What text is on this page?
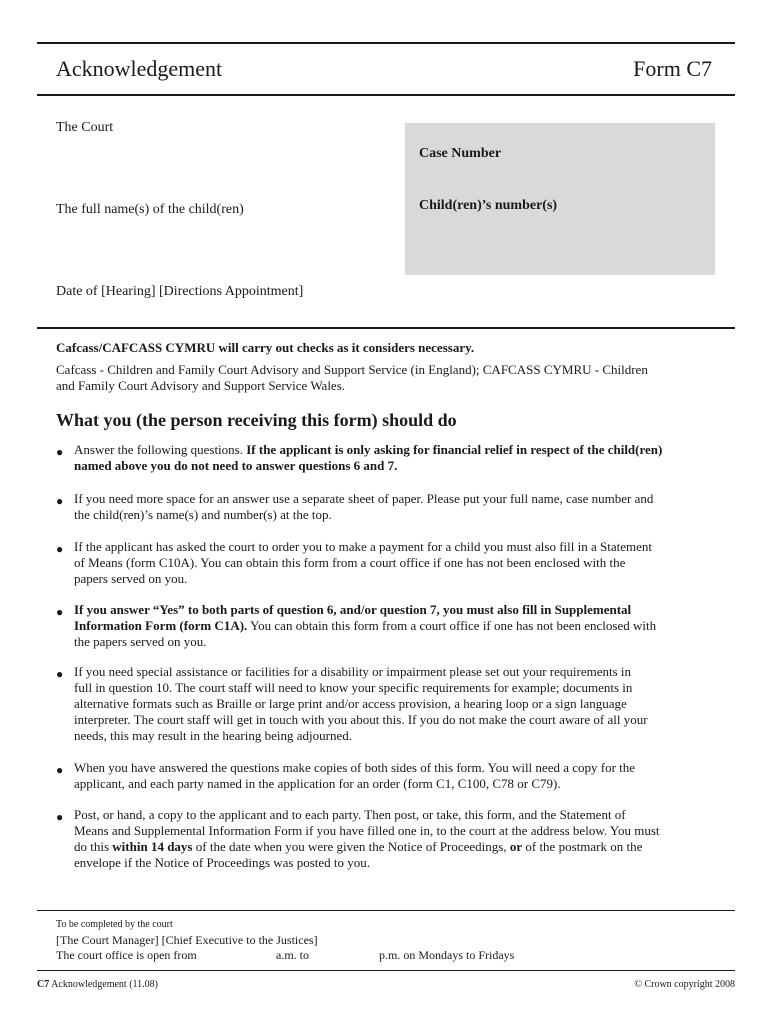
Acknowledgement	Form C7
The Court
Case Number
The full name(s) of the child(ren)	Child(ren)’s number(s)
Date of [Hearing] [Directions Appointment]
Cafcass/CAFCASS CYMRU will carry out checks as it considers necessary.
Cafcass - Children and Family Court Advisory and Support Service (in England); CAFCASS CYMRU - Children
and Family Court Advisory and Support Service Wales.
What you (the person receiving this form) should do
● Answer the following questions. If the applicant is only asking for financial relief in respect of the child(ren)
named above you do not need to answer questions 6 and 7.
● If you need more space for an answer use a separate sheet of paper. Please put your full name, case number and
the child(ren)’s name(s) and number(s) at the top.
● If the applicant has asked the court to order you to make a payment for a child you must also fill in a Statement
of Means (form C10A). You can obtain this form from a court office if one has not been enclosed with the
papers served on you.
● If you answer “Yes” to both parts of question 6, and/or question 7, you must also fill in Supplemental
Information Form (form C1A). You can obtain this form from a court office if one has not been enclosed with
the papers served on you.
● If you need special assistance or facilities for a disability or impairment please set out your requirements in
full in question 10. The court staff will need to know your specific requirements for example; documents in
alternative formats such as Braille or large print and/or access provision, a hearing loop or a sign language
interpreter. The court staff will get in touch with you about this. If you do not make the court aware of all your
needs, this may result in the hearing being adjourned.
● When you have answered the questions make copies of both sides of this form. You will need a copy for the
applicant, and each party named in the application for an order (form C1, C100, C78 or C79).
● Post, or hand, a copy to the applicant and to each party. Then post, or take, this form, and the Statement of
Means and Supplemental Information Form if you have filled one in, to the court at the address below. You must
do this within 14 days of the date when you were given the Notice of Proceedings, or of the postmark on the
envelope if the Notice of Proceedings was posted to you.
To be completed by the court
[The Court Manager] [Chief Executive to the Justices]
The court office is open from	a.m. to	p.m. on Mondays to Fridays
C7 Acknowledgement (11.08)	© Crown copyright 2008
